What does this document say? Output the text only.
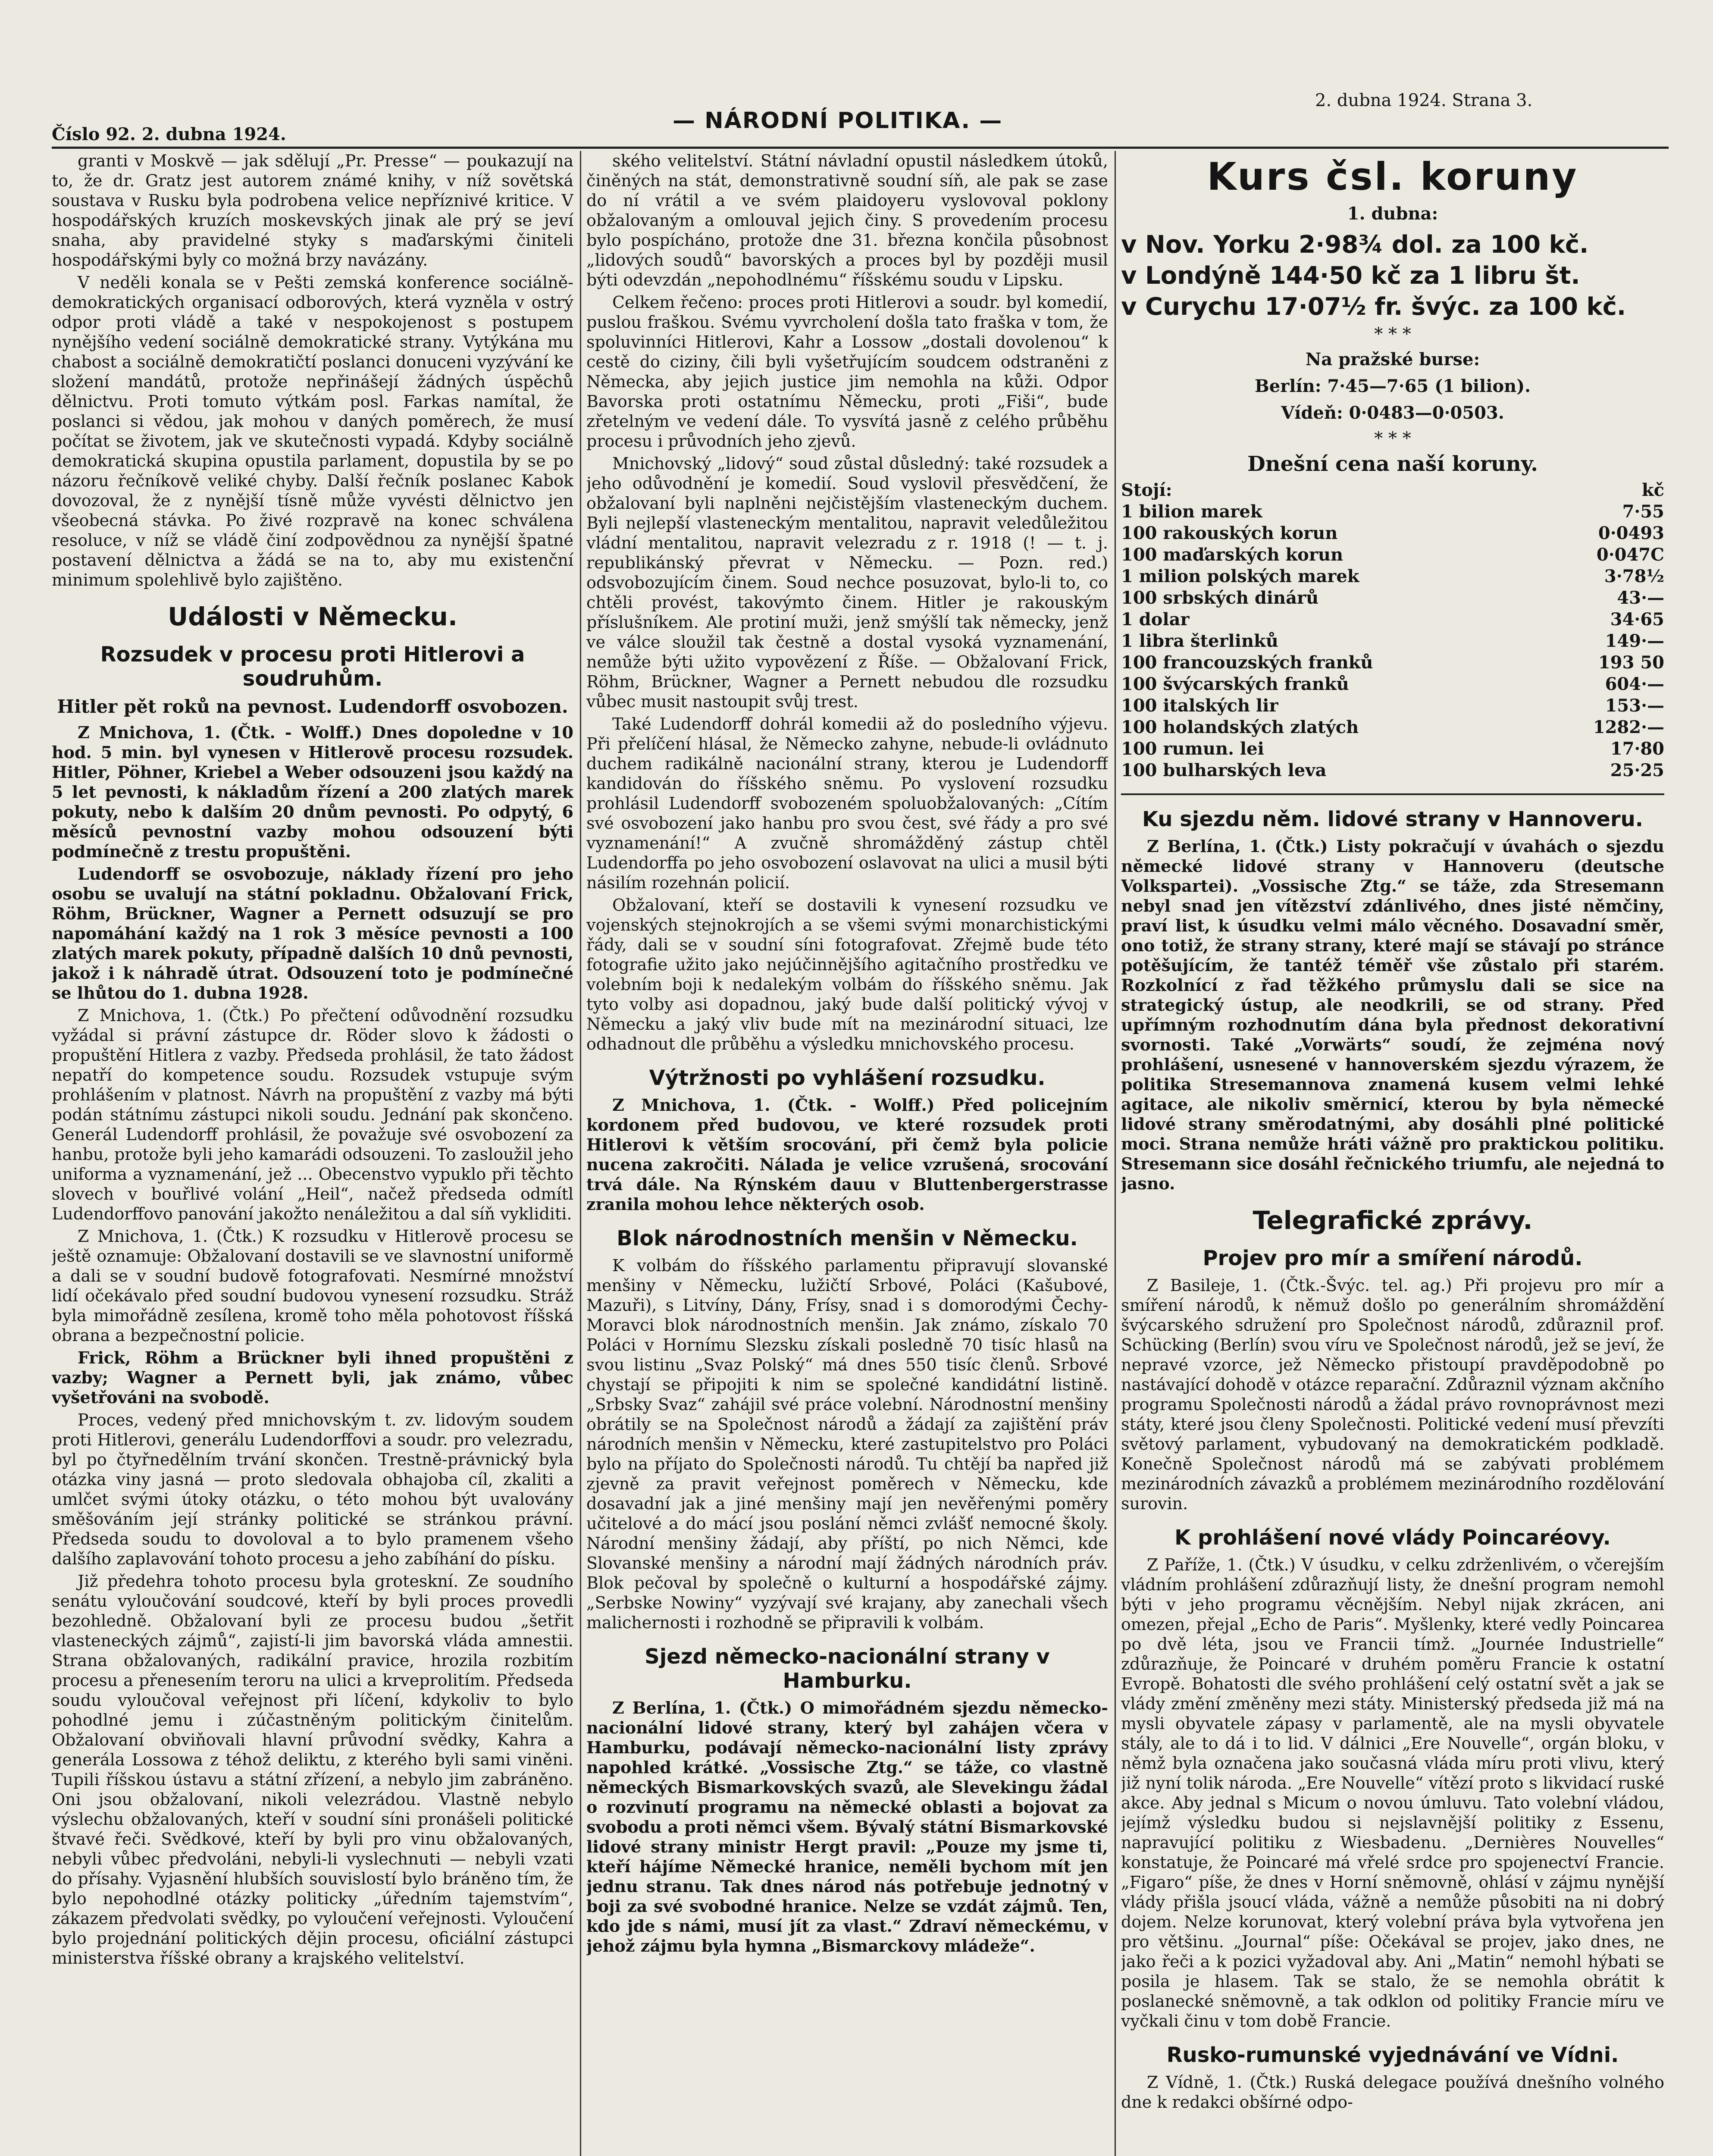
Číslo 92. 2. dubna 1924.
— NÁRODNÍ POLITIKA. —
2. dubna 1924. Strana 3.

granti v Moskvě — jak sdělují „Pr. Presse“ — poukazují na to, že dr. Gratz jest autorem známé knihy, v níž sovětská soustava v Rusku byla podrobena velice nepříznivé kritice. V hospodářských kruzích moskevských jinak ale prý se jeví snaha, aby pravidelné styky s maďarskými činiteli hospodářskými byly co možná brzy navázány.

V neděli konala se v Pešti zemská konference sociálně-demokratických organisací odborových, která vyzněla v ostrý odpor proti vládě a také v nespokojenost s postupem nynějšího vedení sociálně demokratické strany. Vytýkána mu chabost a sociálně demokratičtí poslanci donuceni vyzývání ke složení mandátů, protože nepřinášejí žádných úspěchů dělnictvu. Proti tomuto výtkám posl. Farkas namítal, že poslanci si vědou, jak mohou v daných poměrech, že musí počítat se životem, jak ve skutečnosti vypadá. Kdyby sociálně demokratická skupina opustila parlament, dopustila by se po názoru řečníkově veliké chyby. Další řečník poslanec Kabok dovozoval, že z nynější tísně může vyvésti dělnictvo jen všeobecná stávka. Po živé rozpravě na konec schválena resoluce, v níž se vládě činí zodpovědnou za nynější špatné postavení dělnictva a žádá se na to, aby mu existenční minimum spolehlivě bylo zajištěno.

Události v Německu.
Rozsudek v procesu proti Hitlerovi a soudruhům.
Hitler pět roků na pevnost. Ludendorff osvobozen.

Z Mnichova, 1. (Čtk. - Wolff.) Dnes dopoledne v 10 hod. 5 min. byl vynesen v Hitlerově procesu rozsudek. Hitler, Pöhner, Kriebel a Weber odsouzeni jsou každý na 5 let pevnosti, k nákladům řízení a 200 zlatých marek pokuty, nebo k dalším 20 dnům pevnosti. Po odpytý, 6 měsíců pevnostní vazby mohou odsouzení býti podmínečně z trestu propuštěni.

Ludendorff se osvobozuje, náklady řízení pro jeho osobu se uvalují na státní pokladnu. Obžalovaní Frick, Röhm, Brückner, Wagner a Pernett odsuzují se pro napomáhání každý na 1 rok 3 měsíce pevnosti a 100 zlatých marek pokuty, případně dalších 10 dnů pevnosti, jakož i k náhradě útrat. Odsouzení toto je podmínečné se lhůtou do 1. dubna 1928.

Z Mnichova, 1. (Čtk.) Po přečtení odůvodnění rozsudku vyžádal si právní zástupce dr. Röder slovo k žádosti o propuštění Hitlera z vazby. Předseda prohlásil, že tato žádost nepatří do kompetence soudu. Rozsudek vstupuje svým prohlášením v platnost. Návrh na propuštění z vazby má býti podán státnímu zástupci nikoli soudu. Jednání pak skončeno. Generál Ludendorff prohlásil, že považuje své osvobození za hanbu, protože byli jeho kamarádi odsouzeni. To zasloužil jeho uniforma a vyznamenání, jež ... Obecenstvo vypuklo při těchto slovech v bouřlivé volání „Heil“, načež předseda odmítl Ludendorffovo panování jakožto nenáležitou a dal síň vykliditi.

Z Mnichova, 1. (Čtk.) K rozsudku v Hitlerově procesu se ještě oznamuje: Obžalovaní dostavili se ve slavnostní uniformě a dali se v soudní budově fotografovati. Nesmírné množství lidí očekávalo před soudní budovou vynesení rozsudku. Stráž byla mimořádně zesílena, kromě toho měla pohotovost říšská obrana a bezpečnostní policie.

Frick, Röhm a Brückner byli ihned propuštěni z vazby; Wagner a Pernett byli, jak známo, vůbec vyšetřováni na svobodě.

Proces, vedený před mnichovským t. zv. lidovým soudem proti Hitlerovi, generálu Ludendorffovi a soudr. pro velezradu, byl po čtyřnedělním trvání skončen. Trestně-právnický byla otázka viny jasná — proto sledovala obhajoba cíl, zkaliti a umlčet svými útoky otázku, o této mohou být uvalovány směšováním její stránky politické se stránkou právní. Předseda soudu to dovoloval a to bylo pramenem všeho dalšího zaplavování tohoto procesu a jeho zabíhání do písku.

Již předehra tohoto procesu byla groteskní. Ze soudního senátu vyloučování soudcové, kteří by byli proces provedli bezohledně. Obžalovaní byli ze procesu budou „šetřit vlasteneckých zájmů“, zajistí-li jim bavorská vláda amnestii. Strana obžalovaných, radikální pravice, hrozila rozbitím procesu a přenesením teroru na ulici a krveprolitím. Předseda soudu vyloučoval veřejnost při líčení, kdykoliv to bylo pohodlné jemu i zúčastněným politickým činitelům. Obžalovaní obviňovali hlavní průvodní svědky, Kahra a generála Lossowa z téhož deliktu, z kterého byli sami viněni. Tupili říšskou ústavu a státní zřízení, a nebylo jim zabráněno. Oni jsou obžalovaní, nikoli velezrádou. Vlastně nebylo výslechu obžalovaných, kteří v soudní síni pronášeli politické štvavé řeči. Svědkové, kteří by byli pro vinu obžalovaných, nebyli vůbec předvoláni, nebyli-li vyslechnuti — nebyli vzati do přísahy. Vyjasnění hlubších souvislostí bylo bráněno tím, že bylo nepohodlné otázky politicky „úředním tajemstvím“, zákazem předvolati svědky, po vyloučení veřejnosti. Vyloučení bylo projednání politických dějin procesu, oficiální zástupci ministerstva říšské obrany a krajského velitelství.

ského velitelství. Státní návladní opustil následkem útoků, činěných na stát, demonstrativně soudní síň, ale pak se zase do ní vrátil a ve svém plaidoyeru vyslovoval poklony obžalovaným a omlouval jejich činy. S provedením procesu bylo pospícháno, protože dne 31. března končila působnost „lidových soudů“ bavorských a proces byl by později musil býti odevzdán „nepohodlnému“ říšskému soudu v Lipsku.

Celkem řečeno: proces proti Hitlerovi a soudr. byl komedií, puslou fraškou. Svému vyvrcholení došla tato fraška v tom, že spoluvinníci Hitlerovi, Kahr a Lossow „dostali dovolenou“ k cestě do ciziny, čili byli vyšetřujícím soudcem odstraněni z Německa, aby jejich justice jim nemohla na kůži. Odpor Bavorska proti ostatnímu Německu, proti „Fiši“, bude zřetelným ve vedení dále. To vysvítá jasně z celého průběhu procesu i průvodních jeho zjevů.

Mnichovský „lidový“ soud zůstal důsledný: také rozsudek a jeho odůvodnění je komedií. Soud vyslovil přesvědčení, že obžalovaní byli naplněni nejčistějším vlasteneckým duchem. Byli nejlepší vlasteneckým mentalitou, napravit veledůležitou vládní mentalitou, napravit velezradu z r. 1918 (! — t. j. republikánský převrat v Německu. — Pozn. red.) odsvobozujícím činem. Soud nechce posuzovat, bylo-li to, co chtěli provést, takovýmto činem. Hitler je rakouským příslušníkem. Ale protiní muži, jenž smýšlí tak německy, jenž ve válce sloužil tak čestně a dostal vysoká vyznamenání, nemůže býti užito vypovězení z Říše. — Obžalovaní Frick, Röhm, Brückner, Wagner a Pernett nebudou dle rozsudku vůbec musit nastoupit svůj trest.

Také Ludendorff dohrál komedii až do posledního výjevu. Při přelíčení hlásal, že Německo zahyne, nebude-li ovládnuto duchem radikálně nacionální strany, kterou je Ludendorff kandidován do říšského sněmu. Po vyslovení rozsudku prohlásil Ludendorff svobozeném spoluobžalovaných: „Cítím své osvobození jako hanbu pro svou čest, své řády a pro své vyznamenání!“ A zvučně shromážděný zástup chtěl Ludendorffa po jeho osvobození oslavovat na ulici a musil býti násilím rozehnán policií.

Obžalovaní, kteří se dostavili k vynesení rozsudku ve vojenských stejnokrojích a se všemi svými monarchistickými řády, dali se v soudní síni fotografovat. Zřejmě bude této fotografie užito jako nejúčinnějšího agitačního prostředku ve volebním boji k nedalekým volbám do říšského sněmu. Jak tyto volby asi dopadnou, jaký bude další politický vývoj v Německu a jaký vliv bude mít na mezinárodní situaci, lze odhadnout dle průběhu a výsledku mnichovského procesu.

Výtržnosti po vyhlášení rozsudku.

Z Mnichova, 1. (Čtk. - Wolff.) Před policejním kordonem před budovou, ve které rozsudek proti Hitlerovi k větším srocování, při čemž byla policie nucena zakročiti. Nálada je velice vzrušená, srocování trvá dále. Na Rýnském dauu v Bluttenbergerstrasse zranila mohou lehce některých osob.

Blok národnostních menšin v Německu.

K volbám do říšského parlamentu připravují slovanské menšiny v Německu, lužičtí Srbové, Poláci (Kašubové, Mazuři), s Litvíny, Dány, Frísy, snad i s domorodými Čechy-Moravci blok národnostních menšin. Jak známo, získalo 70 Poláci v Hornímu Slezsku získali posledně 70 tisíc hlasů na svou listinu „Svaz Polský“ má dnes 550 tisíc členů. Srbové chystají se připojiti k nim se společné kandidátní listině. „Srbsky Svaz“ zahájil své práce volební. Národnostní menšiny obrátily se na Společnost národů a žádají za zajištění práv národních menšin v Německu, které zastupitelstvo pro Poláci bylo na příjato do Společnosti národů. Tu chtějí ba napřed již zjevně za pravit veřejnost poměrech v Německu, kde dosavadní jak a jiné menšiny mají jen nevěřenými poměry učitelové a do mácí jsou poslání němci zvlášť nemocné školy. Národní menšiny žádají, aby příští, po nich Němci, kde Slovanské menšiny a národní mají žádných národních práv. Blok pečoval by společně o kulturní a hospodářské zájmy. „Serbske Nowiny“ vyzývají své krajany, aby zanechali všech malichernosti i rozhodně se připravili k volbám.

Sjezd německo-nacionální strany v Hamburku.

Z Berlína, 1. (Čtk.) O mimořádném sjezdu německo-nacionální lidové strany, který byl zahájen včera v Hamburku, podávají německo-nacionální listy zprávy napohled krátké. „Vossische Ztg.“ se táže, co vlastně německých Bismarkovských svazů, ale Slevekingu žádal o rozvinutí programu na německé oblasti a bojovat za svobodu a proti němci všem. Bývalý státní Bismarkovské lidové strany ministr Hergt pravil: „Pouze my jsme ti, kteří hájíme Německé hranice, neměli bychom mít jen jednu stranu. Tak dnes národ nás potřebuje jednotný v boji za své svobodné hranice. Nelze se vzdát zájmů. Ten, kdo jde s námi, musí jít za vlast.“ Zdraví německému, v jehož zájmu byla hymna „Bismarckovy mládeže“.

Kurs čsl. koruny
1. dubna:
v Nov. Yorku 2·98¾ dol. za 100 kč.
v Londýně 144·50 kč za 1 libru št.
v Curychu 17·07½ fr. švýc. za 100 kč.
* * *
Na pražské burse:
Berlín: 7·45—7·65 (1 bilion).
Vídeň: 0·0483—0·0503.
* * *
Dnešní cena naší koruny.
Stojí:	kč
1 bilion marek	7·55
100 rakouských korun	0·0493
100 maďarských korun	0·047C
1 milion polských marek	3·78½
100 srbských dinárů	43·—
1 dolar	34·65
1 libra šterlinků	149·—
100 francouzských franků	193 50
100 švýcarských franků	604·—
100 italských lir	153·—
100 holandských zlatých	1282·—
100 rumun. lei	17·80
100 bulharských leva	25·25
Ku sjezdu něm. lidové strany v Hannoveru.

Z Berlína, 1. (Čtk.) Listy pokračují v úvahách o sjezdu německé lidové strany v Hannoveru (deutsche Volkspartei). „Vossische Ztg.“ se táže, zda Stresemann nebyl snad jen vítězství zdánlivého, dnes jisté němčiny, praví list, k úsudku velmi málo věcného. Dosavadní směr, ono totiž, že strany strany, které mají se stávají po stránce potěšujícím, že tantéž téměř vše zůstalo při starém. Rozkolnící z řad těžkého průmyslu dali se sice na strategický ústup, ale neodkrili, se od strany. Před upřímným rozhodnutím dána byla přednost dekorativní svornosti. Také „Vorwärts“ soudí, že zejména nový prohlášení, usnesené v hannoverském sjezdu výrazem, že politika Stresemannova znamená kusem velmi lehké agitace, ale nikoliv směrnicí, kterou by byla německé lidové strany směrodatnými, aby dosáhli plné politické moci. Strana nemůže hráti vážně pro praktickou politiku. Stresemann sice dosáhl řečnického triumfu, ale nejedná to jasno.

Telegrafické zprávy.
Projev pro mír a smíření národů.

Z Basileje, 1. (Čtk.-Švýc. tel. ag.) Při projevu pro mír a smíření národů, k němuž došlo po generálním shromáždění švýcarského sdružení pro Společnost národů, zdůraznil prof. Schücking (Berlín) svou víru ve Společnost národů, jež se jeví, že nepravé vzorce, jež Německo přistoupí pravděpodobně po nastávající dohodě v otázce reparační. Zdůraznil význam akčního programu Společnosti národů a žádal právo rovnoprávnost mezi státy, které jsou členy Společnosti. Politické vedení musí převzíti světový parlament, vybudovaný na demokratickém podkladě. Konečně Společnost národů má se zabývati problémem mezinárodních závazků a problémem mezinárodního rozdělování surovin.

K prohlášení nové vlády Poincaréovy.

Z Paříže, 1. (Čtk.) V úsudku, v celku zdrženlivém, o včerejším vládním prohlášení zdůrazňují listy, že dnešní program nemohl býti v jeho programu věcnějším. Nebyl nijak zkrácen, ani omezen, přejal „Echo de Paris“. Myšlenky, které vedly Poincarea po dvě léta, jsou ve Francii tímž. „Journée Industrielle“ zdůrazňuje, že Poincaré v druhém poměru Francie k ostatní Evropě. Bohatosti dle svého prohlášení celý ostatní svět a jak se vlády změní změněny mezi státy. Ministerský předseda již má na mysli obyvatele zápasy v parlamentě, ale na mysli obyvatele stály, ale to dá i to lid. V dálnici „Ere Nouvelle“, orgán bloku, v němž byla označena jako současná vláda míru proti vlivu, který již nyní tolik národa. „Ere Nouvelle“ vítězí proto s likvidací ruské akce. Aby jednal s Micum o novou úmluvu. Tato volební vládou, jejímž výsledku budou si nejslavnější politiky z Essenu, napravující politiku z Wiesbadenu. „Dernières Nouvelles“ konstatuje, že Poincaré má vřelé srdce pro spojenectví Francie. „Figaro“ píše, že dnes v Horní sněmovně, ohlásí v zájmu nynější vlády přišla jsoucí vláda, vážně a nemůže působiti na ni dobrý dojem. Nelze korunovat, který volební práva byla vytvořena jen pro většinu. „Journal“ píše: Očekával se projev, jako dnes, ne jako řeči a k pozici vyžadoval aby. Ani „Matin“ nemohl hýbati se posila je hlasem. Tak se stalo, že se nemohla obrátit k poslanecké sněmovně, a tak odklon od politiky Francie míru ve vyčkali činu v tom době Francie.

Rusko-rumunské vyjednávání ve Vídni.

Z Vídně, 1. (Čtk.) Ruská delegace používá dnešního volného dne k redakci obšírné odpo-
